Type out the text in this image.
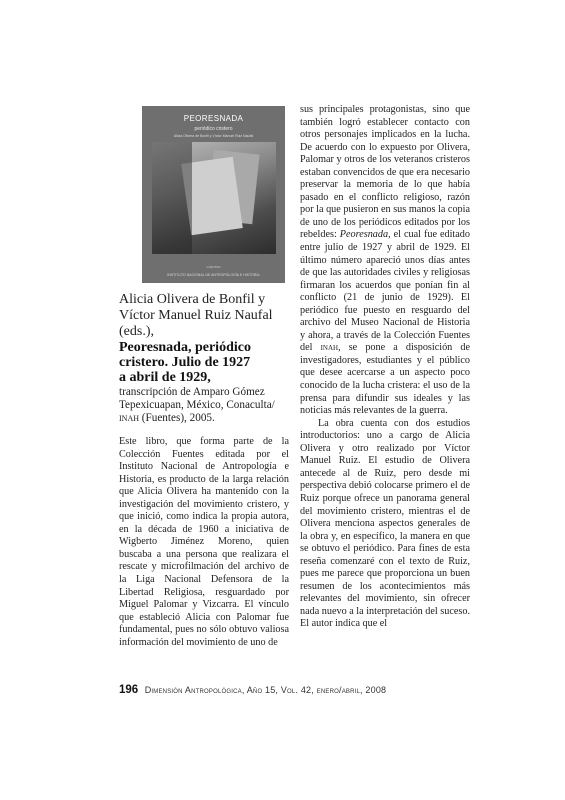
PEORESNADA
periódico cristero
Alicia Olivera de Bonfil y Víctor Manuel Ruiz Naufal
FUENTES
INSTITUTO NACIONAL DE ANTROPOLOGÍA E HISTORIA
Alicia Olivera de Bonfil y
Víctor Manuel Ruiz Naufal
(eds.),
Peoresnada, periódico
cristero. Julio de 1927
a abril de 1929,
transcripción de Amparo Gómez
Tepexicuapan, México, Conaculta/
inah (Fuentes), 2005.

Este libro, que forma parte de la Colección Fuentes editada por el Instituto Nacional de Antropología e Historia, es producto de la larga relación que Alicia Olivera ha mantenido con la investigación del movimiento cristero, y que inició, como indica la propia autora, en la década de 1960 a iniciativa de Wigberto Jiménez Moreno, quien buscaba a una persona que realizara el rescate y microfilmación del archivo de la Liga Nacional Defensora de la Libertad Religiosa, resguardado por Miguel Palomar y Vizcarra. El vínculo que estableció Alicia con Palomar fue fundamental, pues no sólo obtuvo valiosa información del movimiento de uno de

sus principales protagonistas, sino que también logró establecer contacto con otros personajes implicados en la lucha. De acuerdo con lo expuesto por Olivera, Palomar y otros de los veteranos cristeros estaban convencidos de que era necesario preservar la memoria de lo que había pasado en el conflicto religioso, razón por la que pusieron en sus manos la copia de uno de los periódicos editados por los rebeldes: Peoresnada, el cual fue editado entre julio de 1927 y abril de 1929. El último número apareció unos días antes de que las autoridades civiles y religiosas firmaran los acuerdos que ponían fin al conflicto (21 de junio de 1929). El periódico fue puesto en resguardo del archivo del Museo Nacional de Historia y ahora, a través de la Colección Fuentes del inah, se pone a disposición de investigadores, estudiantes y el público que desee acercarse a un aspecto poco conocido de la lucha cristera: el uso de la prensa para difundir sus ideales y las noticias más relevantes de la guerra.

La obra cuenta con dos estudios introductorios: uno a cargo de Alicia Olivera y otro realizado por Víctor Manuel Ruiz. El estudio de Olivera antecede al de Ruiz, pero desde mi perspectiva debió colocarse primero el de Ruiz porque ofrece un panorama general del movimiento cristero, mientras el de Olivera menciona aspectos generales de la obra y, en específico, la manera en que se obtuvo el periódico. Para fines de esta reseña comenzaré con el texto de Ruiz, pues me parece que proporciona un buen resumen de los acontecimientos más relevantes del movimiento, sin ofrecer nada nuevo a la interpretación del suceso. El autor indica que el

196 Dimensión Antropológica, Año 15, Vol. 42, enero/abril, 2008
